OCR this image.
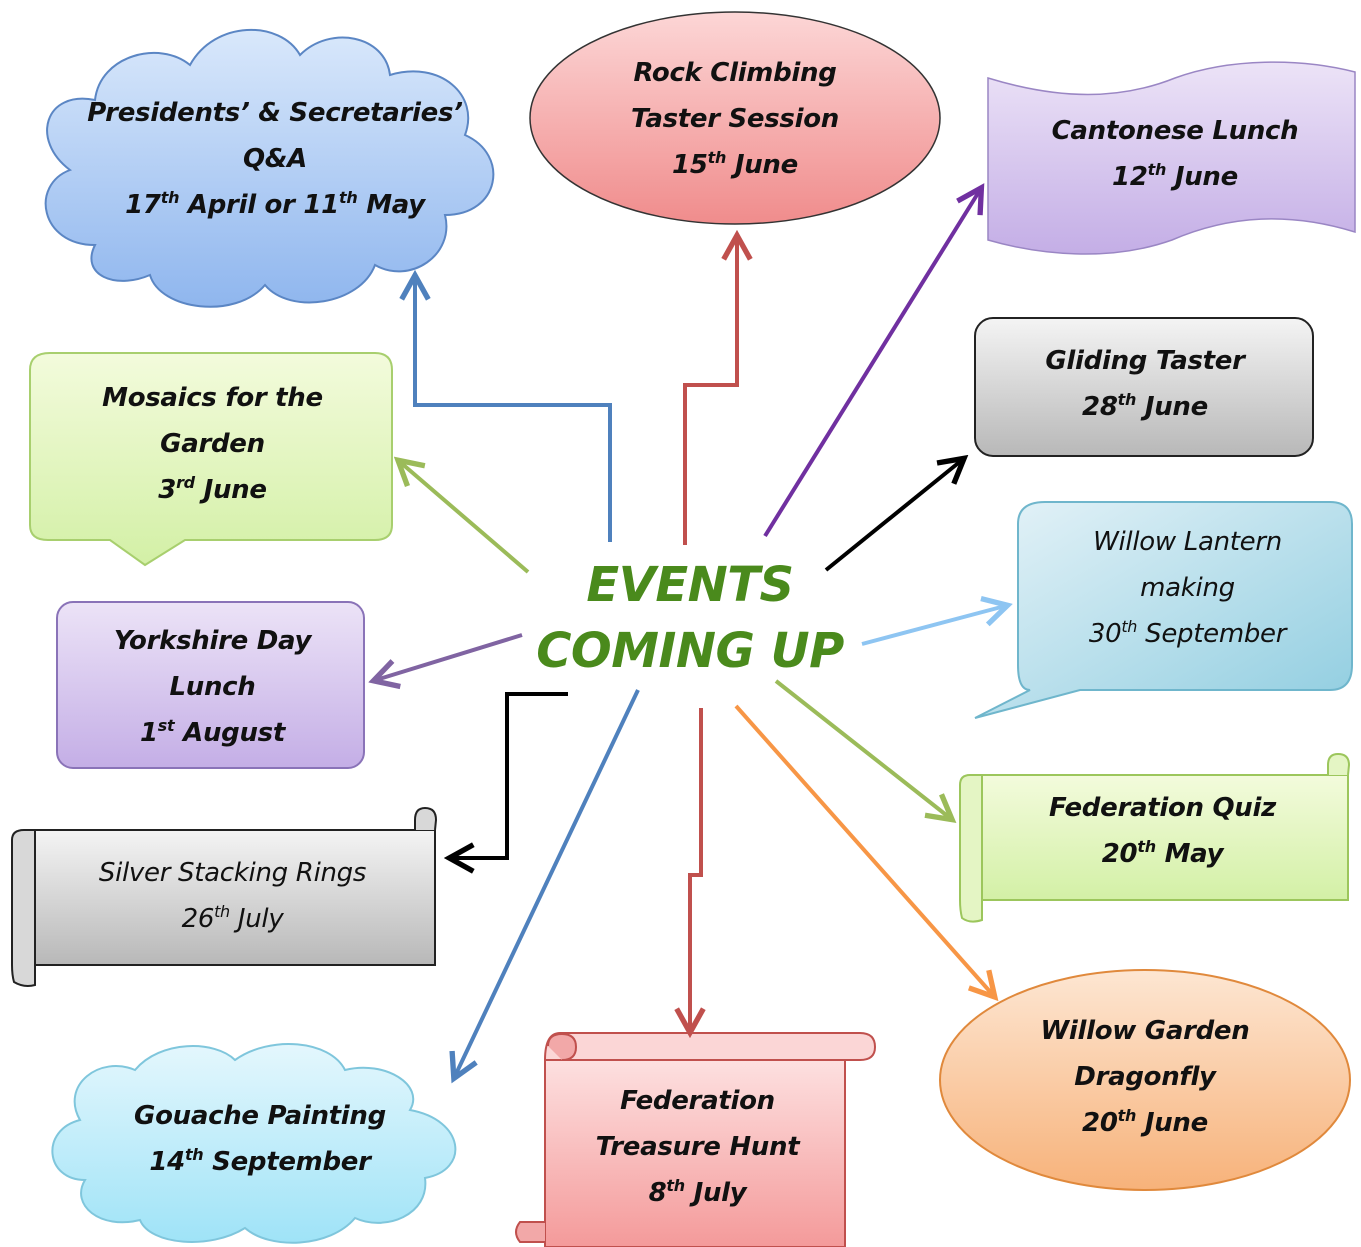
EVENTS
COMING UP
Presidents’ & Secretaries’
Q&A
17th April or 11th May
Rock Climbing
Taster Session
15th June
Cantonese Lunch
12th June
Mosaics for the
Garden
3rd June
Gliding Taster
28th June
Willow Lantern
making
30th September
Yorkshire Day
Lunch
1st August
Silver Stacking Rings
26th July
Federation Quiz
20th May
Gouache Painting
14th September
Federation
Treasure Hunt
8th July
Willow Garden
Dragonfly
20th June
